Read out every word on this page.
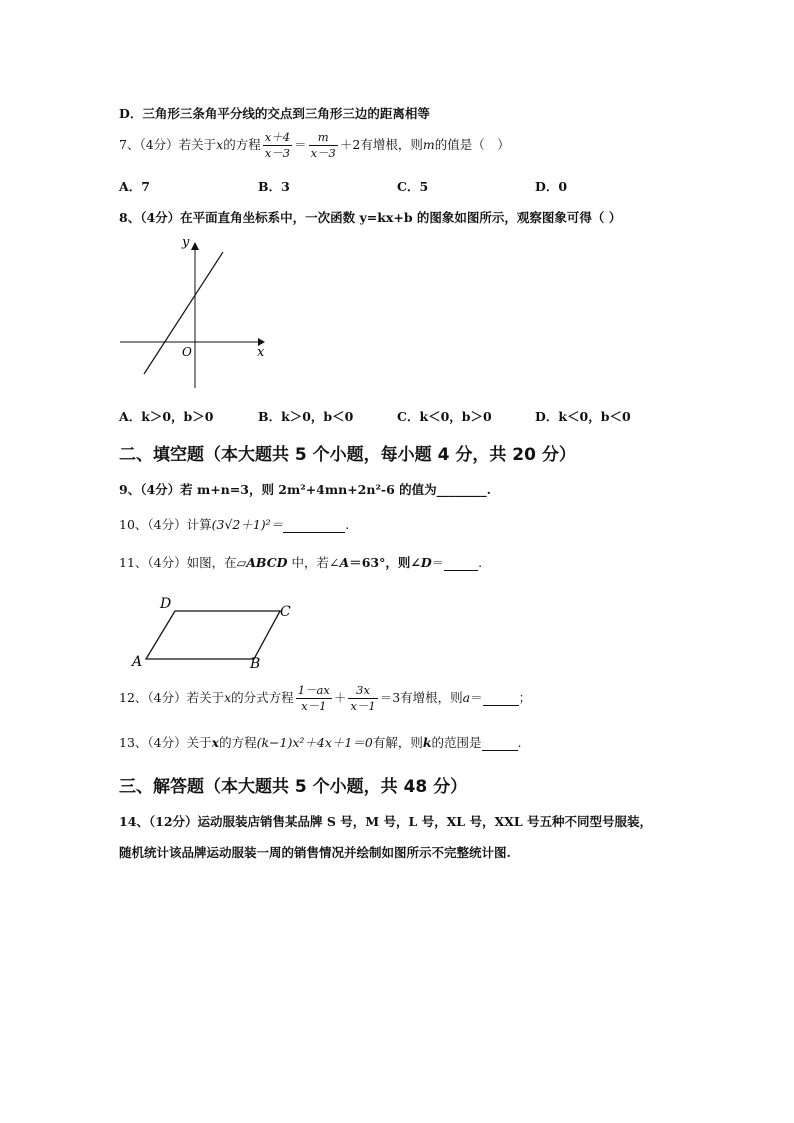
D．三角形三条角平分线的交点到三角形三边的距离相等
7、（4分）若关于x的方程 $\frac{x+4}{x-3} = \frac{m}{x-3} +2$有增根，则m的值是（　）
A．7	B．3	C．5	D．0
8、（4分）在平面直角坐标系中，一次函数 y=kx+b 的图象如图所示，观察图象可得（ ）
y
x
O
A．k＞0，b＞0	B．k＞0，b＜0	C．k＜0，b＞0	D．k＜0，b＜0
二、填空题（本大题共 5 个小题，每小题 4 分，共 20 分）
9、（4分）若 m+n=3，则 2m²+4mn+2n²-6 的值为________.
10、（4分）计算(3√2＋1)²＝	.
11、（4分）如图，在▱ABCD 中，若∠A＝63°，则∠D＝	.
A	B
C
D
12、（4分）若关于x的分式方程 $\frac{1-ax}{x-1} + \frac{3x}{x-1} =3$有增根，则a＝	；
13、（4分）关于x的方程(k−1)x²＋4x＋1＝0有解，则k的范围是	.
三、解答题（本大题共 5 个小题，共 48 分）
14、（12分）运动服装店销售某品牌 S 号，M 号，L 号，XL 号，XXL 号五种不同型号服装，
随机统计该品牌运动服装一周的销售情况并绘制如图所示不完整统计图.
